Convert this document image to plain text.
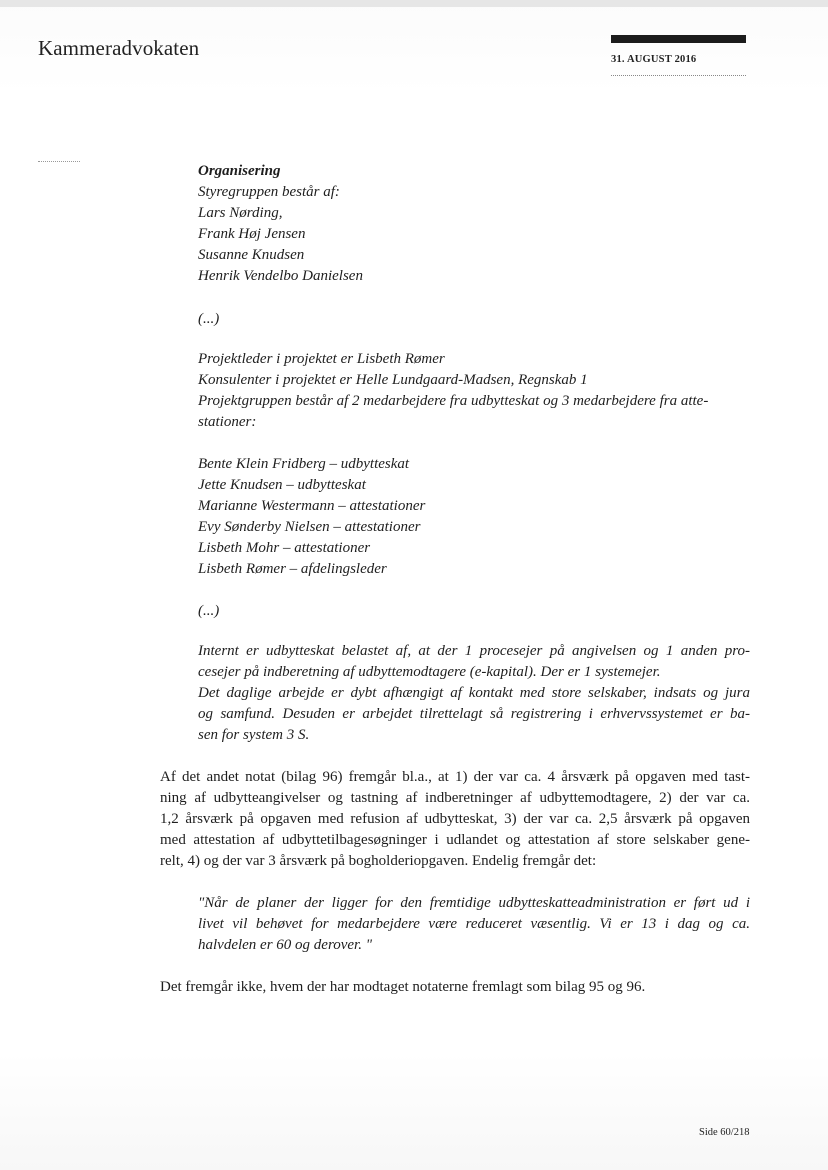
Kammeradvokaten	31. AUGUST 2016
Organisering
Styregruppen består af:
Lars Nørding,
Frank Høj Jensen
Susanne Knudsen
Henrik Vendelbo Danielsen
(...)
Projektleder i projektet er Lisbeth Rømer
Konsulenter i projektet er Helle Lundgaard-Madsen, Regnskab 1
Projektgruppen består af 2 medarbejdere fra udbytteskat og 3 medarbejdere fra atte-
stationer:
Bente Klein Fridberg – udbytteskat
Jette Knudsen – udbytteskat
Marianne Westermann – attestationer
Evy Sønderby Nielsen – attestationer
Lisbeth Mohr – attestationer
Lisbeth Rømer – afdelingsleder
(...)
Internt er udbytteskat belastet af, at der 1 procesejer på angivelsen og 1 anden pro-
cesejer på indberetning af udbyttemodtagere (e-kapital). Der er 1 systemejer.
Det daglige arbejde er dybt afhængigt af kontakt med store selskaber, indsats og jura
og samfund. Desuden er arbejdet tilrettelagt så registrering i erhvervssystemet er ba-
sen for system 3 S.
Af det andet notat (bilag 96) fremgår bl.a., at 1) der var ca. 4 årsværk på opgaven med tast-
ning af udbytteangivelser og tastning af indberetninger af udbyttemodtagere, 2) der var ca.
1,2 årsværk på opgaven med refusion af udbytteskat, 3) der var ca. 2,5 årsværk på opgaven
med attestation af udbyttetilbagesøgninger i udlandet og attestation af store selskaber gene-
relt, 4) og der var 3 årsværk på bogholderiopgaven. Endelig fremgår det:
"Når de planer der ligger for den fremtidige udbytteskatteadministration er ført ud i
livet vil behøvet for medarbejdere være reduceret væsentlig. Vi er 13 i dag og ca.
halvdelen er 60 og derover. "
Det fremgår ikke, hvem der har modtaget notaterne fremlagt som bilag 95 og 96.
Side 60/218
